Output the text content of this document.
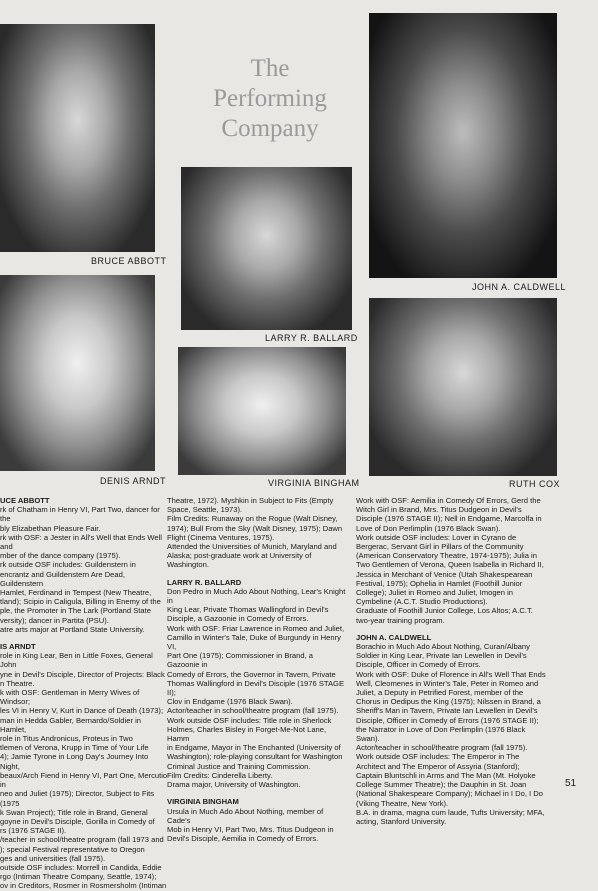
The
Performing
Company
BRUCE ABBOTT
DENIS ARNDT
LARRY R. BALLARD
VIRGINIA BINGHAM
JOHN A. CALDWELL
RUTH COX

UCE ABBOTT

rk of Chatham in Henry VI, Part Two, dancer for the

bly Elizabethan Pleasure Fair.

rk with OSF: a Jester in All's Well that Ends Well and

mber of the dance company (1975).

rk outside OSF includes: Guildenstern in

encrantz and Guildenstern Are Dead, Guildenstern

Hamlet, Ferdinand in Tempest (New Theatre,

tland); Scipio in Caligula, Billing in Enemy of the

ple, the Promoter in The Lark (Portland State

versity); dancer in Partita (PSU).

atre arts major at Portland State University.

IS ARNDT

role in King Lear, Ben in Little Foxes, General John

yne in Devil's Disciple, Director of Projects: Black

n Theatre.

k with OSF: Gentleman in Merry Wives of Windsor;

les VI in Henry V, Kurt in Dance of Death (1973);

man in Hedda Gabler, Bernardo/Soldier in Hamlet,

role in Titus Andronicus, Proteus in Two

tlemen of Verona, Krupp in Time of Your Life

4); Jamie Tyrone in Long Day's Journey Into Night,

beaux/Arch Fiend in Henry VI, Part One, Mercutio in

neo and Juliet (1975); Director, Subject to Fits (1975

k Swan Project); Title role in Brand, General

goyne in Devil's Disciple, Gorilla in Comedy of

rs (1976 STAGE II).

/teacher in school/theatre program (fall 1973 and

); special Festival representative to Oregon

ges and universities (fall 1975).

outside OSF includes: Morrell in Candida, Eddie

rgo (Intiman Theatre Company, Seattle, 1974);

ov in Creditors, Rosmer in Rosmersholm (Intiman

Theatre, 1972). Myshkin in Subject to Fits (Empty

Space, Seattle, 1973).

Film Credits: Runaway on the Rogue (Walt Disney,

1974); Bull From the Sky (Walt Disney, 1975); Dawn

Flight (Cinema Ventures, 1975).

Attended the Universities of Munich, Maryland and

Alaska; post-graduate work at University of

Washington.

LARRY R. BALLARD

Don Pedro in Much Ado About Nothing, Lear's Knight in

King Lear, Private Thomas Wallingford in Devil's

Disciple, a Gazoonie in Comedy of Errors.

Work with OSF: Friar Lawrence in Romeo and Juliet,

Camillo in Winter's Tale, Duke of Burgundy in Henry VI,

Part One (1975); Commissioner in Brand, a Gazoonie in

Comedy of Errors, the Governor in Tavern, Private

Thomas Wallingford in Devil's Disciple (1976 STAGE II);

Clov in Endgame (1976 Black Swan).

Actor/teacher in school/theatre program (fall 1975).

Work outside OSF includes: Title role in Sherlock

Holmes, Charles Bisley in Forget-Me-Not Lane, Hamm

in Endgame, Mayor in The Enchanted (University of

Washington); role-playing consultant for Washington

Criminal Justice and Training Commission.

Film Credits: Cinderella Liberty.

Drama major, University of Washington.

VIRGINIA BINGHAM

Ursula in Much Ado About Nothing, member of Cade's

Mob in Henry VI, Part Two, Mrs. Titus Dudgeon in

Devil's Disciple, Aemilia in Comedy of Errors.

Work with OSF: Aemilia in Comedy Of Errors, Gerd the

Witch Girl in Brand, Mrs. Titus Dudgeon in Devil's

Disciple (1976 STAGE II); Nell in Endgame, Marcolfa in

Love of Don Perlimplin (1976 Black Swan).

Work outside OSF includes: Lover in Cyrano de

Bergerac, Servant Girl in Pillars of the Community

(American Conservatory Theatre, 1974-1975); Julia in

Two Gentlemen of Verona, Queen Isabella in Richard II,

Jessica in Merchant of Venice (Utah Shakespearean

Festival, 1975); Ophelia in Hamlet (Foothill Junior

College); Juliet in Romeo and Juliet, Imogen in

Cymbeline (A.C.T. Studio Productions).

Graduate of Foothill Junior College, Los Altos; A.C.T.

two-year training program.

JOHN A. CALDWELL

Borachio in Much Ado About Nothing, Curan/Albany

Soldier in King Lear, Private Ian Lewellen in Devil's

Disciple, Officer in Comedy of Errors.

Work with OSF: Duke of Florence in All's Well That Ends

Well, Cleomenes in Winter's Tale, Peter in Romeo and

Juliet, a Deputy in Petrified Forest, member of the

Chorus in Oedipus the King (1975); Nilssen in Brand, a

Sheriff's Man in Tavern, Private Ian Lewellen in Devil's

Disciple, Officer in Comedy of Errors (1976 STAGE II);

the Narrator in Love of Don Perlimplin (1976 Black

Swan).

Actor/teacher in school/theatre program (fall 1975).

Work outside OSF includes: The Emperor in The

Architect and The Emperor of Assyria (Stanford);

Captain Bluntschli in Arms and The Man (Mt. Holyoke

College Summer Theatre); the Dauphin in St. Joan

(National Shakespeare Company); Michael in I Do, I Do

(Viking Theatre, New York).

B.A. in drama, magna cum laude, Tufts University; MFA,

acting, Stanford University.

51
